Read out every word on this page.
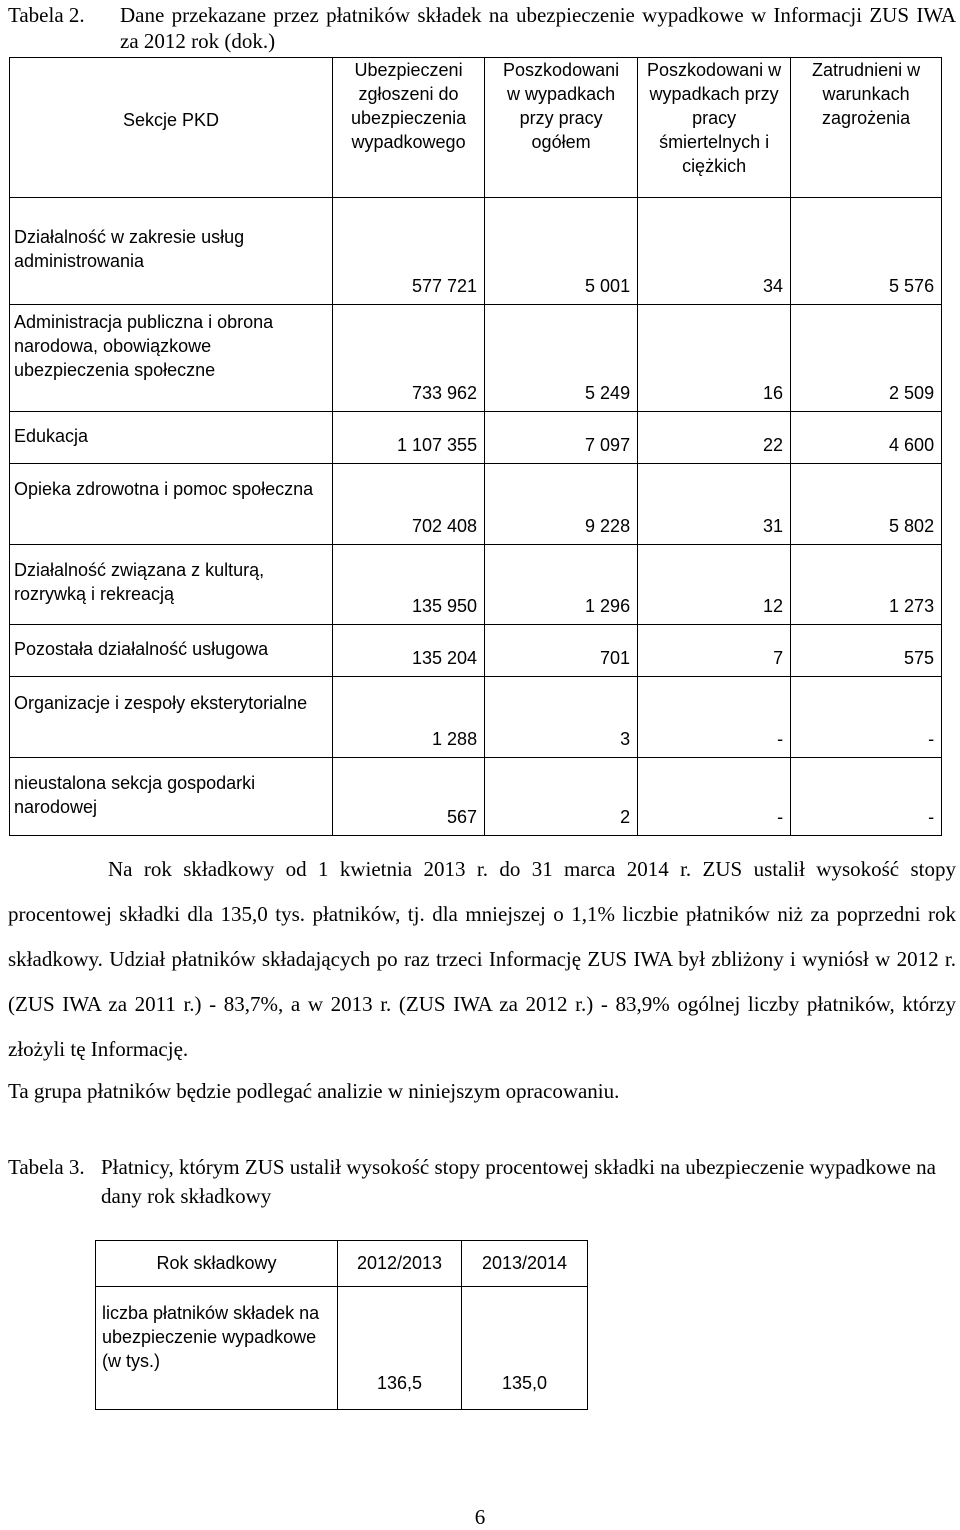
Tabela 2. Dane przekazane przez płatników składek na ubezpieczenie wypadkowe w Informacji ZUS IWA za 2012 rok (dok.)
Sekcje PKD	Ubezpieczeni zgłoszeni do ubezpieczenia wypadkowego	Poszkodowani w wypadkach przy pracy ogółem	Poszkodowani w wypadkach przy pracy śmiertelnych i ciężkich	Zatrudnieni w warunkach zagrożenia

Działalność w zakresie usług administrowania	577 721	5 001	34	5 576

Administracja publiczna i obrona narodowa, obowiązkowe ubezpieczenia społeczne	733 962	5 249	16	2 509

Edukacja	1 107 355	7 097	22	4 600

Opieka zdrowotna i pomoc społeczna	702 408	9 228	31	5 802

Działalność związana z kulturą, rozrywką i rekreacją	135 950	1 296	12	1 273

Pozostała działalność usługowa	135 204	701	7	575

Organizacje i zespoły eksterytorialne	1 288	3	-	-

nieustalona sekcja gospodarki narodowej	567	2	-	-

Na rok składkowy od 1 kwietnia 2013 r. do 31 marca 2014 r. ZUS ustalił wysokość stopy procentowej składki dla 135,0 tys. płatników, tj. dla mniejszej o 1,1% liczbie płatników niż za poprzedni rok składkowy. Udział płatników składających po raz trzeci Informację ZUS IWA był zbliżony i wyniósł w 2012 r. (ZUS IWA za 2011 r.) - 83,7%, a w 2013 r. (ZUS IWA za 2012 r.) - 83,9% ogólnej liczby płatników, którzy złożyli tę Informację.

Ta grupa płatników będzie podlegać analizie w niniejszym opracowaniu.

Tabela 3. Płatnicy, którym ZUS ustalił wysokość stopy procentowej składki na ubezpieczenie wypadkowe na dany rok składkowy
Rok składkowy	2012/2013	2013/2014
liczba płatników składek na ubezpieczenie wypadkowe (w tys.)	136,5	135,0
6
